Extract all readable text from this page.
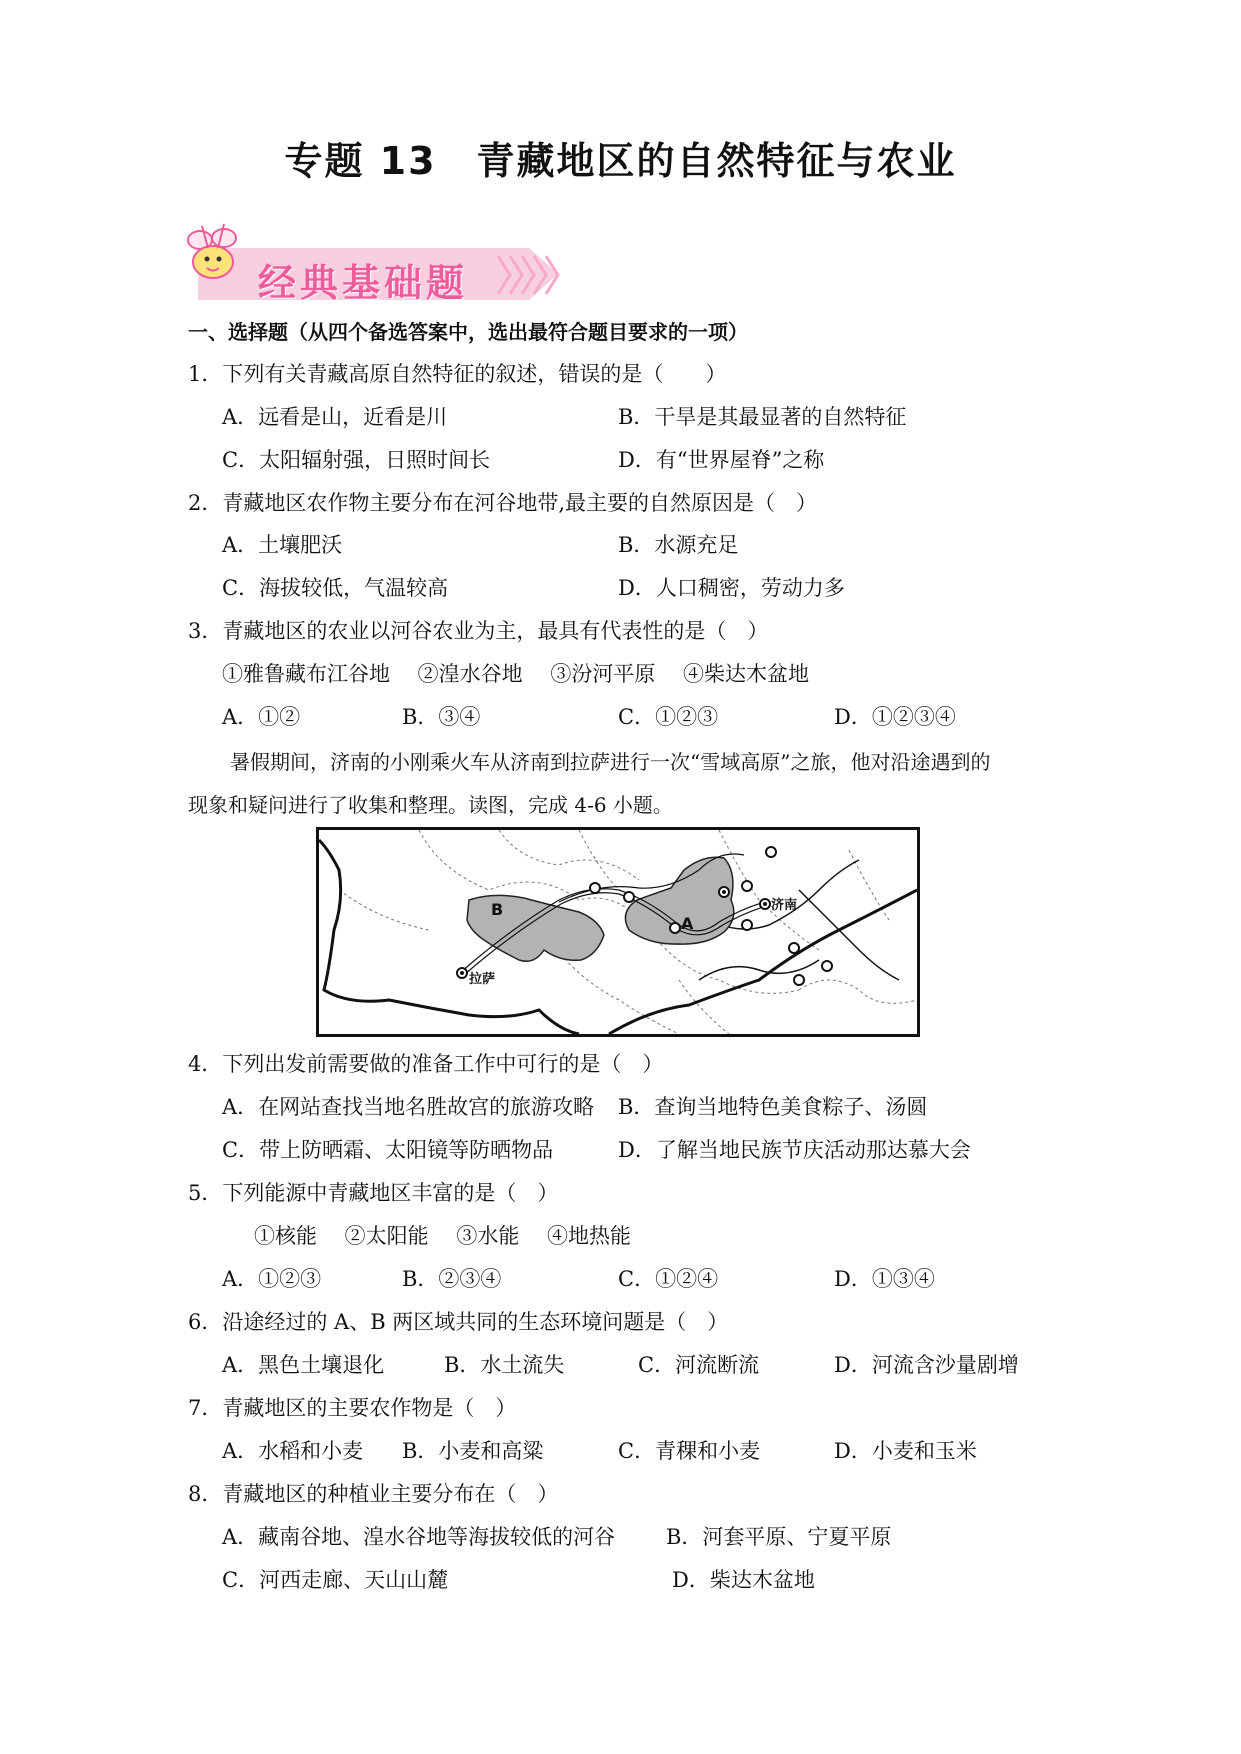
专题 13　青藏地区的自然特征与农业
经典基础题
一、选择题（从四个备选答案中，选出最符合题目要求的一项）
1．下列有关青藏高原自然特征的叙述，错误的是（　　）
A．远看是山，近看是川	B．干旱是其最显著的自然特征
C．太阳辐射强，日照时间长	D．有“世界屋脊”之称
2．青藏地区农作物主要分布在河谷地带,最主要的自然原因是（　）
A．土壤肥沃	B．水源充足
C．海拔较低，气温较高	D．人口稠密，劳动力多
3．青藏地区的农业以河谷农业为主，最具有代表性的是（　）
①雅鲁藏布江谷地　 ②湟水谷地　 ③汾河平原　 ④柴达木盆地
A．①②	B．③④	C．①②③	D．①②③④
暑假期间，济南的小刚乘火车从济南到拉萨进行一次“雪域高原”之旅，他对沿途遇到的
现象和疑问进行了收集和整理。读图，完成 4-6 小题。
B
A
济南
拉萨
4．下列出发前需要做的准备工作中可行的是（　）
A．在网站查找当地名胜故宫的旅游攻略 B．查询当地特色美食粽子、汤圆
C．带上防晒霜、太阳镜等防晒物品	D．了解当地民族节庆活动那达慕大会
5．下列能源中青藏地区丰富的是（　）
①核能　 ②太阳能　 ③水能　 ④地热能
A．①②③	B．②③④	C．①②④	D．①③④
6．沿途经过的 A、B 两区域共同的生态环境问题是（　）
A．黑色土壤退化	B．水土流失	C．河流断流	D．河流含沙量剧增
7．青藏地区的主要农作物是（　）
A．水稻和小麦 B．小麦和高粱	C．青稞和小麦	D．小麦和玉米
8．青藏地区的种植业主要分布在（　）
A．藏南谷地、湟水谷地等海拔较低的河谷 B．河套平原、宁夏平原
C．河西走廊、天山山麓	D．柴达木盆地
